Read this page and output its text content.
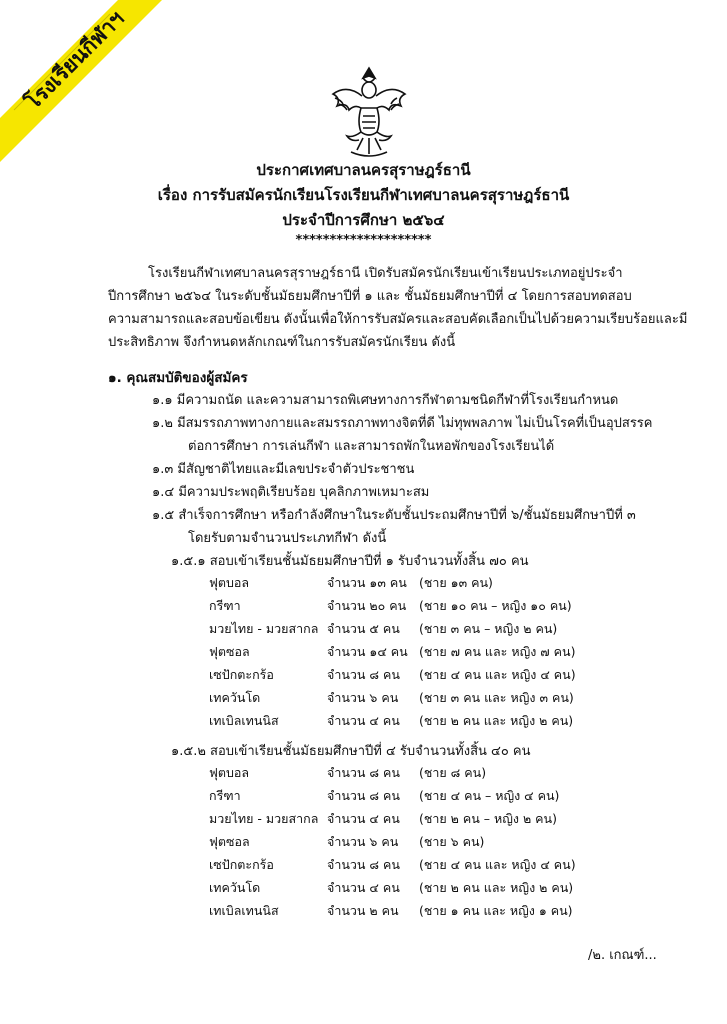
โรงเรียนกีฬาฯ
ประกาศเทศบาลนครสุราษฎร์ธานี
เรื่อง การรับสมัครนักเรียนโรงเรียนกีฬาเทศบาลนครสุราษฎร์ธานี
ประจำปีการศึกษา ๒๕๖๔
********************
โรงเรียนกีฬาเทศบาลนครสุราษฎร์ธานี เปิดรับสมัครนักเรียนเข้าเรียนประเภทอยู่ประจำ
ปีการศึกษา ๒๕๖๔ ในระดับชั้นมัธยมศึกษาปีที่ ๑ และ ชั้นมัธยมศึกษาปีที่ ๔ โดยการสอบทดสอบ
ความสามารถและสอบข้อเขียน ดังนั้นเพื่อให้การรับสมัครและสอบคัดเลือกเป็นไปด้วยความเรียบร้อยและมี
ประสิทธิภาพ จึงกำหนดหลักเกณฑ์ในการรับสมัครนักเรียน ดังนี้
๑. คุณสมบัติของผู้สมัคร
๑.๑ มีความถนัด และความสามารถพิเศษทางการกีฬาตามชนิดกีฬาที่โรงเรียนกำหนด
๑.๒ มีสมรรถภาพทางกายและสมรรถภาพทางจิตที่ดี ไม่ทุพพลภาพ ไม่เป็นโรคที่เป็นอุปสรรค
ต่อการศึกษา การเล่นกีฬา และสามารถพักในหอพักของโรงเรียนได้
๑.๓ มีสัญชาติไทยและมีเลขประจำตัวประชาชน
๑.๔ มีความประพฤติเรียบร้อย บุคลิกภาพเหมาะสม
๑.๕ สำเร็จการศึกษา หรือกำลังศึกษาในระดับชั้นประถมศึกษาปีที่ ๖/ชั้นมัธยมศึกษาปีที่ ๓
โดยรับตามจำนวนประเภทกีฬา ดังนี้
๑.๕.๑ สอบเข้าเรียนชั้นมัธยมศึกษาปีที่ ๑ รับจำนวนทั้งสิ้น ๗๐ คน
ฟุตบอล	จำนวน ๑๓ คน (ชาย ๑๓ คน)
กรีฑา	จำนวน ๒๐ คน (ชาย ๑๐ คน – หญิง ๑๐ คน)
มวยไทย - มวยสากล จำนวน ๕ คน (ชาย ๓ คน – หญิง ๒ คน)
ฟุตซอล	จำนวน ๑๔ คน (ชาย ๗ คน และ หญิง ๗ คน)
เซปักตะกร้อ	จำนวน ๘ คน (ชาย ๔ คน และ หญิง ๔ คน)
เทควันโด	จำนวน ๖ คน (ชาย ๓ คน และ หญิง ๓ คน)
เทเบิลเทนนิส	จำนวน ๔ คน (ชาย ๒ คน และ หญิง ๒ คน)
๑.๕.๒ สอบเข้าเรียนชั้นมัธยมศึกษาปีที่ ๔ รับจำนวนทั้งสิ้น ๔๐ คน
ฟุตบอล	จำนวน ๘ คน (ชาย ๘ คน)
กรีฑา	จำนวน ๘ คน (ชาย ๔ คน – หญิง ๔ คน)
มวยไทย - มวยสากล จำนวน ๔ คน (ชาย ๒ คน – หญิง ๒ คน)
ฟุตซอล	จำนวน ๖ คน (ชาย ๖ คน)
เซปักตะกร้อ	จำนวน ๘ คน (ชาย ๔ คน และ หญิง ๔ คน)
เทควันโด	จำนวน ๔ คน (ชาย ๒ คน และ หญิง ๒ คน)
เทเบิลเทนนิส	จำนวน ๒ คน (ชาย ๑ คน และ หญิง ๑ คน)
/๒. เกณฑ์...
